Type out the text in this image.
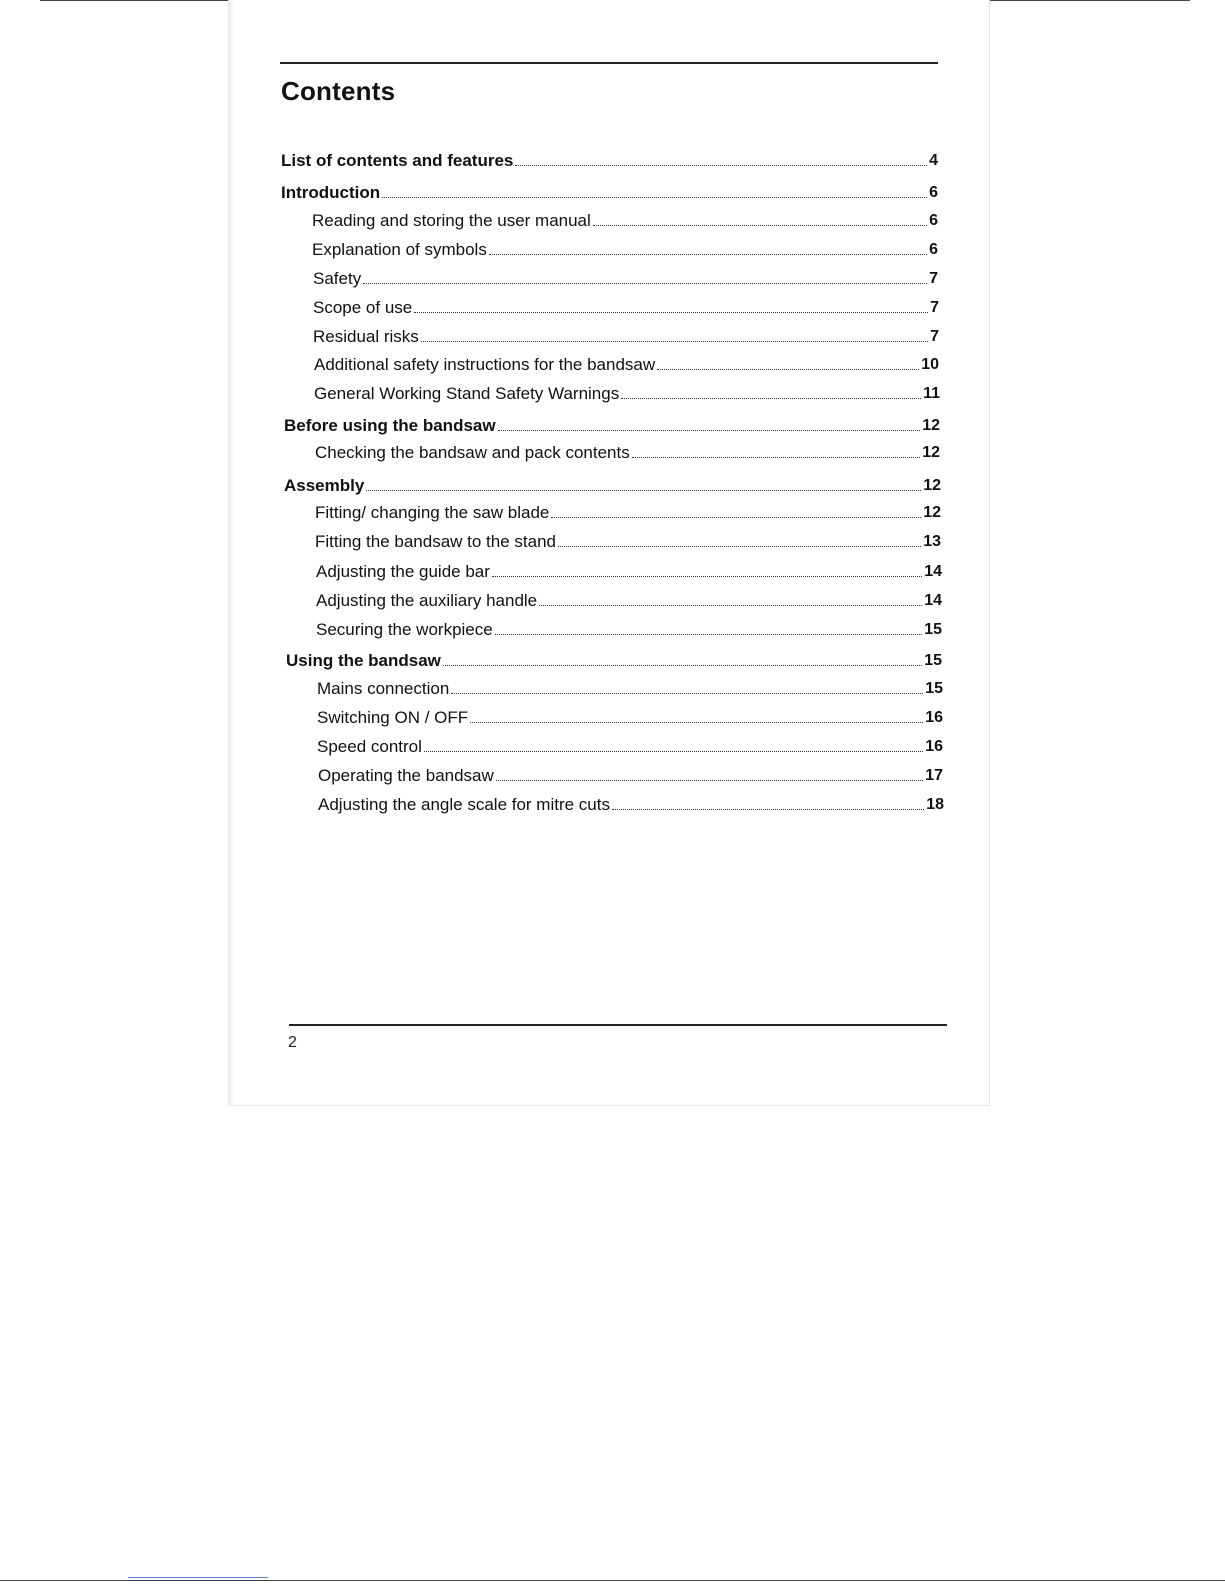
Contents
List of contents and features	4
Introduction	6
Reading and storing the user manual	6
Explanation of symbols	6
Safety	7
Scope of use	7
Residual risks	7
Additional safety instructions for the bandsaw	10
General Working Stand Safety Warnings	11
Before using the bandsaw	12
Checking the bandsaw and pack contents	12
Assembly	12
Fitting/ changing the saw blade	12
Fitting the bandsaw to the stand	13
Adjusting the guide bar	14
Adjusting the auxiliary handle	14
Securing the workpiece	15
Using the bandsaw	15
Mains connection	15
Switching ON / OFF	16
Speed control	16
Operating the bandsaw	17
Adjusting the angle scale for mitre cuts	18
2
